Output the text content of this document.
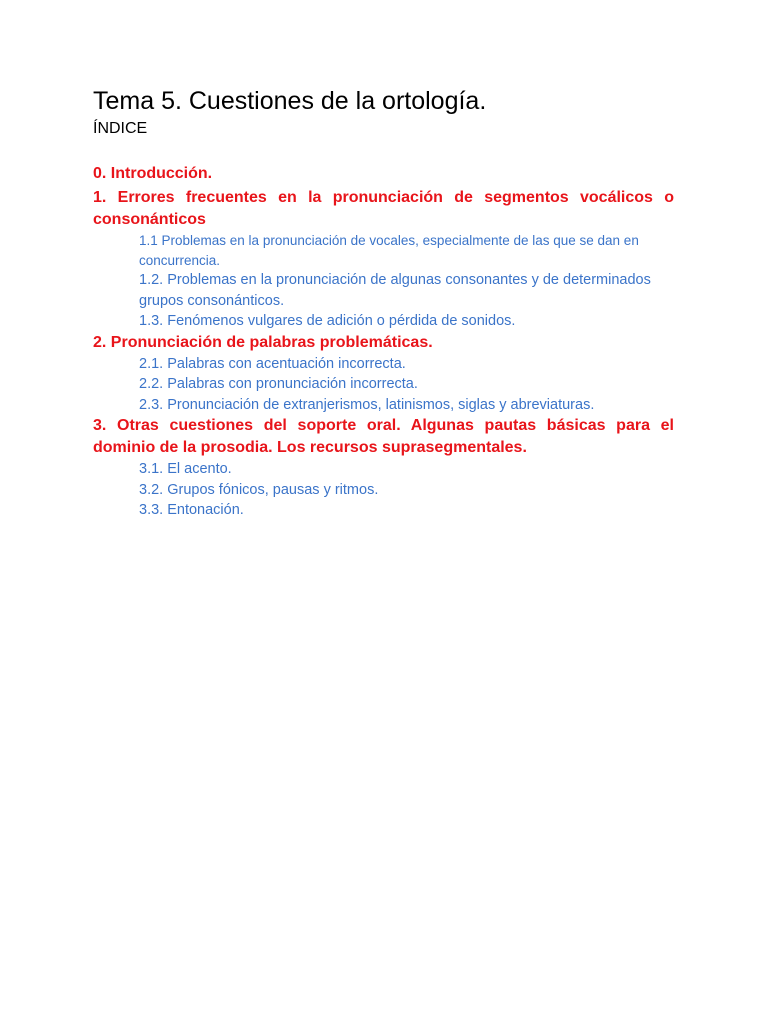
Tema 5. Cuestiones de la ortología.
ÍNDICE

0. Introducción.

1. Errores frecuentes en la pronunciación de segmentos vocálicos o consonánticos

1.1 Problemas en la pronunciación de vocales, especialmente de las que se dan en concurrencia.

1.2. Problemas en la pronunciación de algunas consonantes y de determinados grupos consonánticos.

1.3. Fenómenos vulgares de adición o pérdida de sonidos.

2. Pronunciación de palabras problemáticas.

2.1. Palabras con acentuación incorrecta.

2.2. Palabras con pronunciación incorrecta.

2.3. Pronunciación de extranjerismos, latinismos, siglas y abreviaturas.

3. Otras cuestiones del soporte oral. Algunas pautas básicas para el dominio de la prosodia. Los recursos suprasegmentales.

3.1. El acento.

3.2. Grupos fónicos, pausas y ritmos.

3.3. Entonación.
